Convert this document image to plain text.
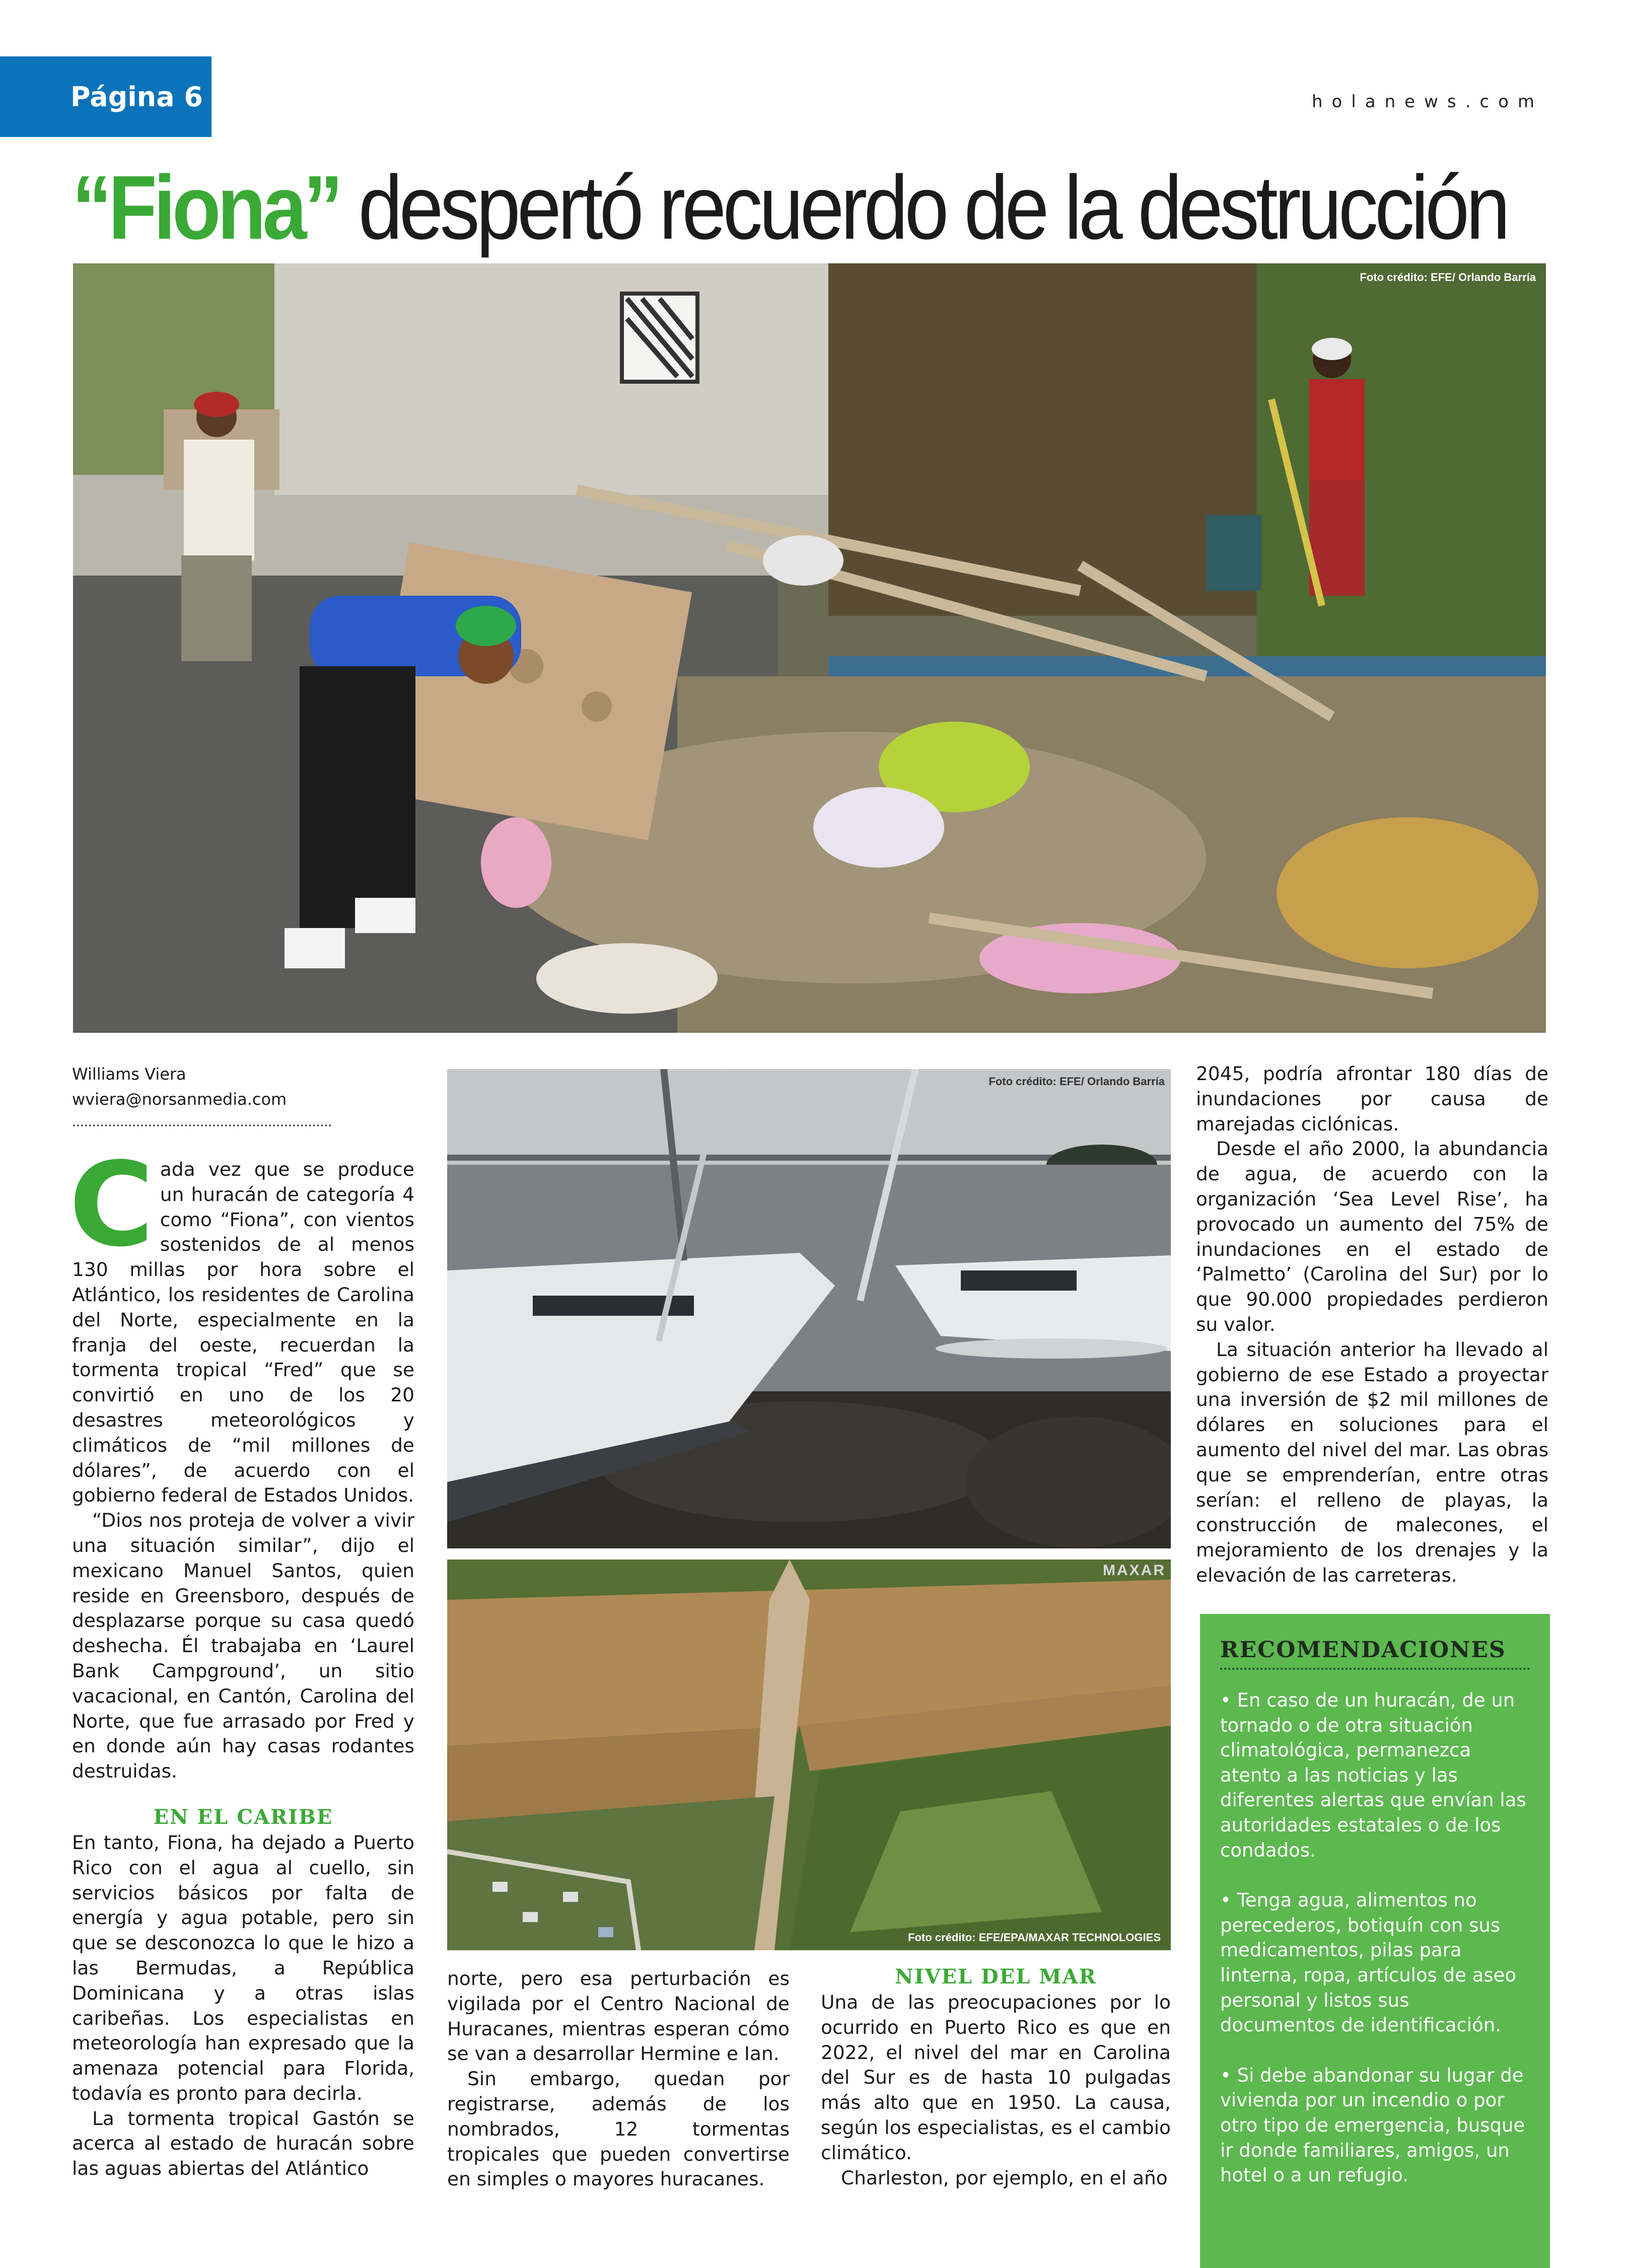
Página 6	holanews.com
“Fiona” despertó recuerdo de la destrucción
Foto crédito: EFE/ Orlando Barría
Williams Viera
wviera@norsanmedia.com

Cada vez que se produce un huracán de categoría 4 como “Fiona”, con vientos sostenidos de al menos 130 millas por hora sobre el Atlántico, los residentes de Carolina del Norte, especialmente en la franja del oeste, recuerdan la tormenta tropical “Fred” que se convirtió en uno de los 20 desastres meteorológicos y climáticos de “mil millones de dólares”, de acuerdo con el gobierno federal de Estados Unidos.

“Dios nos proteja de volver a vivir una situación similar”, dijo el mexicano Manuel Santos, quien reside en Greensboro, después de desplazarse porque su casa quedó deshecha. Él trabajaba en ‘Laurel Bank Campground’, un sitio vacacional, en Cantón, Carolina del Norte, que fue arrasado por Fred y en donde aún hay casas rodantes destruidas.

EN EL CARIBE

En tanto, Fiona, ha dejado a Puerto Rico con el agua al cuello, sin servicios básicos por falta de energía y agua potable, pero sin que se desconozca lo que le hizo a las Bermudas, a República Dominicana y a otras islas caribeñas. Los especialistas en meteorología han expresado que la amenaza potencial para Florida, todavía es pronto para decirla.

La tormenta tropical Gastón se acerca al estado de huracán sobre las aguas abiertas del Atlántico

Foto crédito: EFE/ Orlando Barría
MAXAR
Foto crédito: EFE/EPA/MAXAR TECHNOLOGIES

norte, pero esa perturbación es vigilada por el Centro Nacional de Huracanes, mientras esperan cómo se van a desarrollar Hermine e Ian.

Sin embargo, quedan por registrarse, además de los nombrados, 12 tormentas tropicales que pueden convertirse en simples o mayores huracanes.

NIVEL DEL MAR

Una de las preocupaciones por lo ocurrido en Puerto Rico es que en 2022, el nivel del mar en Carolina del Sur es de hasta 10 pulgadas más alto que en 1950. La causa, según los especialistas, es el cambio climático.

Charleston, por ejemplo, en el año

2045, podría afrontar 180 días de inundaciones por causa de marejadas ciclónicas.

Desde el año 2000, la abundancia de agua, de acuerdo con la organización ‘Sea Level Rise’, ha provocado un aumento del 75% de inundaciones en el estado de ‘Palmetto’ (Carolina del Sur) por lo que 90.000 propiedades perdieron su valor.

La situación anterior ha llevado al gobierno de ese Estado a proyectar una inversión de $2 mil millones de dólares en soluciones para el aumento del nivel del mar. Las obras que se emprenderían, entre otras serían: el relleno de playas, la construcción de malecones, el mejoramiento de los drenajes y la elevación de las carreteras.

RECOMENDACIONES

• En caso de un huracán, de un tornado o de otra situación climatológica, permanezca atento a las noticias y las diferentes alertas que envían las autoridades estatales o de los condados.

• Tenga agua, alimentos no perecederos, botiquín con sus medicamentos, pilas para linterna, ropa, artículos de aseo personal y listos sus documentos de identificación.

• Si debe abandonar su lugar de vivienda por un incendio o por otro tipo de emergencia, busque ir donde familiares, amigos, un hotel o a un refugio.
